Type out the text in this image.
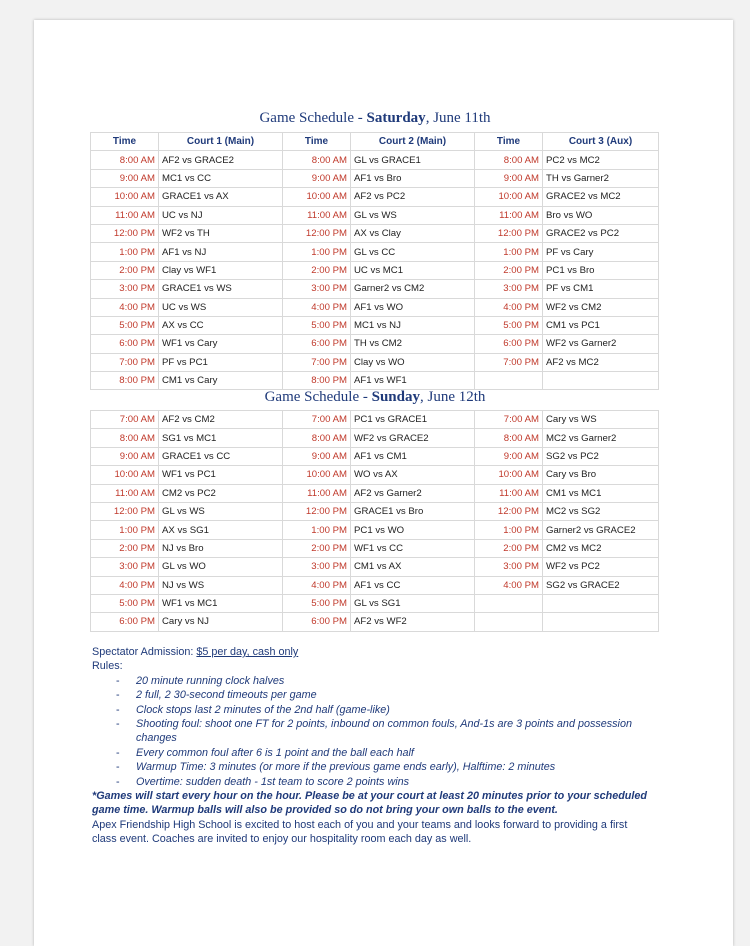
Game Schedule - Saturday, June 11th
Time	Court 1 (Main)	Time	Court 2 (Main)	Time	Court 3 (Aux)
8:00 AM	AF2 vs GRACE2	8:00 AM	GL vs GRACE1	8:00 AM	PC2 vs MC2
9:00 AM	MC1 vs CC	9:00 AM	AF1 vs Bro	9:00 AM	TH vs Garner2
10:00 AM	GRACE1 vs AX	10:00 AM	AF2 vs PC2	10:00 AM	GRACE2 vs MC2
11:00 AM	UC vs NJ	11:00 AM	GL vs WS	11:00 AM	Bro vs WO
12:00 PM	WF2 vs TH	12:00 PM	AX vs Clay	12:00 PM	GRACE2 vs PC2
1:00 PM	AF1 vs NJ	1:00 PM	GL vs CC	1:00 PM	PF vs Cary
2:00 PM	Clay vs WF1	2:00 PM	UC vs MC1	2:00 PM	PC1 vs Bro
3:00 PM	GRACE1 vs WS	3:00 PM	Garner2 vs CM2	3:00 PM	PF vs CM1
4:00 PM	UC vs WS	4:00 PM	AF1 vs WO	4:00 PM	WF2 vs CM2
5:00 PM	AX vs CC	5:00 PM	MC1 vs NJ	5:00 PM	CM1 vs PC1
6:00 PM	WF1 vs Cary	6:00 PM	TH vs CM2	6:00 PM	WF2 vs Garner2
7:00 PM	PF vs PC1	7:00 PM	Clay vs WO	7:00 PM	AF2 vs MC2
8:00 PM	CM1 vs Cary	8:00 PM	AF1 vs WF1		
Game Schedule - Sunday, June 12th
7:00 AM	AF2 vs CM2	7:00 AM	PC1 vs GRACE1	7:00 AM	Cary vs WS
8:00 AM	SG1 vs MC1	8:00 AM	WF2 vs GRACE2	8:00 AM	MC2 vs Garner2
9:00 AM	GRACE1 vs CC	9:00 AM	AF1 vs CM1	9:00 AM	SG2 vs PC2
10:00 AM	WF1 vs PC1	10:00 AM	WO vs AX	10:00 AM	Cary vs Bro
11:00 AM	CM2 vs PC2	11:00 AM	AF2 vs Garner2	11:00 AM	CM1 vs MC1
12:00 PM	GL vs WS	12:00 PM	GRACE1 vs Bro	12:00 PM	MC2 vs SG2
1:00 PM	AX vs SG1	1:00 PM	PC1 vs WO	1:00 PM	Garner2 vs GRACE2
2:00 PM	NJ vs Bro	2:00 PM	WF1 vs CC	2:00 PM	CM2 vs MC2
3:00 PM	GL vs WO	3:00 PM	CM1 vs AX	3:00 PM	WF2 vs PC2
4:00 PM	NJ vs WS	4:00 PM	AF1 vs CC	4:00 PM	SG2 vs GRACE2
5:00 PM	WF1 vs MC1	5:00 PM	GL vs SG1		
6:00 PM	Cary vs NJ	6:00 PM	AF2 vs WF2		
Spectator Admission: $5 per day, cash only
Rules:
- 20 minute running clock halves
- 2 full, 2 30-second timeouts per game
- Clock stops last 2 minutes of the 2nd half (game-like)
- Shooting foul: shoot one FT for 2 points, inbound on common fouls, And-1s are 3 points and possession changes
- Every common foul after 6 is 1 point and the ball each half
- Warmup Time: 3 minutes (or more if the previous game ends early), Halftime: 2 minutes
- Overtime: sudden death - 1st team to score 2 points wins
*Games will start every hour on the hour. Please be at your court at least 20 minutes prior to your scheduled game time. Warmup balls will also be provided so do not bring your own balls to the event.
Apex Friendship High School is excited to host each of you and your teams and looks forward to providing a first class event. Coaches are invited to enjoy our hospitality room each day as well.
